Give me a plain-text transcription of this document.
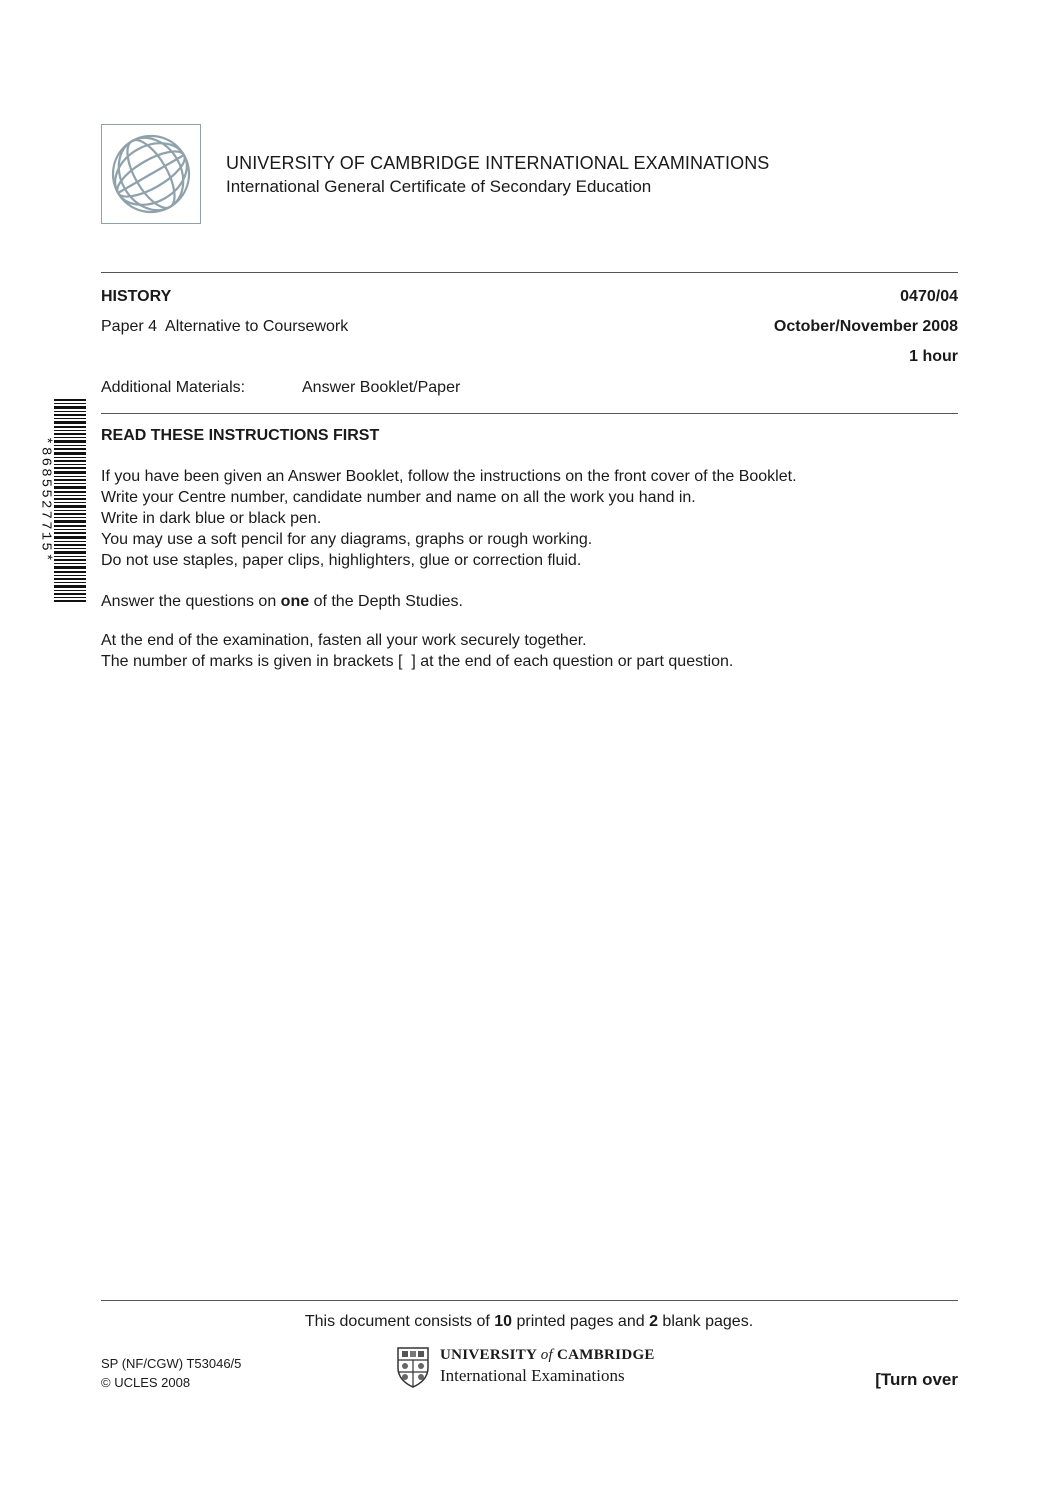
UNIVERSITY OF CAMBRIDGE INTERNATIONAL EXAMINATIONS
International General Certificate of Secondary Education
HISTORY	0470/04
Paper 4  Alternative to Coursework	October/November 2008
1 hour
Additional Materials:	Answer Booklet/Paper
*8685527715*
READ THESE INSTRUCTIONS FIRST
If you have been given an Answer Booklet, follow the instructions on the front cover of the Booklet.
Write your Centre number, candidate number and name on all the work you hand in.
Write in dark blue or black pen.
You may use a soft pencil for any diagrams, graphs or rough working.
Do not use staples, paper clips, highlighters, glue or correction fluid.
Answer the questions on one of the Depth Studies.
At the end of the examination, fasten all your work securely together.
The number of marks is given in brackets [  ] at the end of each question or part question.
This document consists of 10 printed pages and 2 blank pages.
SP (NF/CGW) T53046/5
© UCLES 2008
UNIVERSITY of CAMBRIDGE
International Examinations	[Turn over
